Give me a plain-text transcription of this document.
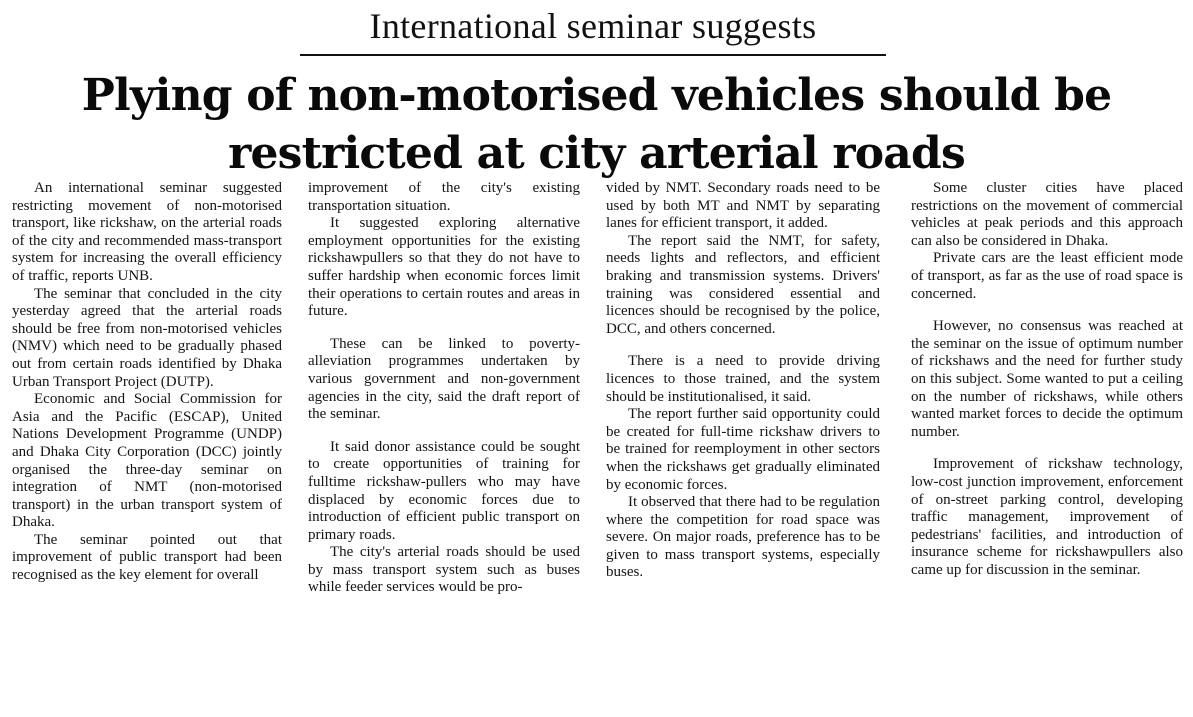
International seminar suggests
Plying of non-motorised vehicles should be
restricted at city arterial roads

An international seminar suggested restricting movement of non-motorised transport, like rickshaw, on the arterial roads of the city and recommended mass-transport system for increasing the overall efficiency of traffic, reports UNB.

The seminar that concluded in the city yesterday agreed that the arterial roads should be free from non-motorised vehicles (NMV) which need to be gradually phased out from certain roads identified by Dhaka Urban Transport Project (DUTP).

Economic and Social Commission for Asia and the Pacific (ESCAP), United Nations Development Programme (UNDP) and Dhaka City Corporation (DCC) jointly organised the three-day seminar on integration of NMT (non-motorised transport) in the urban transport system of Dhaka.

The seminar pointed out that improvement of public transport had been recognised as the key element for overall

improvement of the city's existing transportation situation.

It suggested exploring alternative employment opportunities for the existing rickshawpullers so that they do not have to suffer hardship when economic forces limit their operations to certain routes and areas in future.

These can be linked to poverty-alleviation programmes undertaken by various government and non-government agencies in the city, said the draft report of the seminar.

It said donor assistance could be sought to create opportunities of training for fulltime rickshaw-pullers who may have displaced by economic forces due to introduction of efficient public transport on primary roads.

The city's arterial roads should be used by mass transport system such as buses while feeder services would be pro-

vided by NMT. Secondary roads need to be used by both MT and NMT by separating lanes for efficient transport, it added.

The report said the NMT, for safety, needs lights and reflectors, and efficient braking and transmission systems. Drivers' training was considered essential and licences should be recognised by the police, DCC, and others concerned.

There is a need to provide driving licences to those trained, and the system should be institutionalised, it said.

The report further said opportunity could be created for full-time rickshaw drivers to be trained for reemployment in other sectors when the rickshaws get gradually eliminated by economic forces.

It observed that there had to be regulation where the competition for road space was severe. On major roads, preference has to be given to mass transport systems, especially buses.

Some cluster cities have placed restrictions on the movement of commercial vehicles at peak periods and this approach can also be considered in Dhaka.

Private cars are the least efficient mode of transport, as far as the use of road space is concerned.

However, no consensus was reached at the seminar on the issue of optimum number of rickshaws and the need for further study on this subject. Some wanted to put a ceiling on the number of rickshaws, while others wanted market forces to decide the optimum number.

Improvement of rickshaw technology, low-cost junction improvement, enforcement of on-street parking control, developing traffic management, improvement of pedestrians' facilities, and introduction of insurance scheme for rickshawpullers also came up for discussion in the seminar.
